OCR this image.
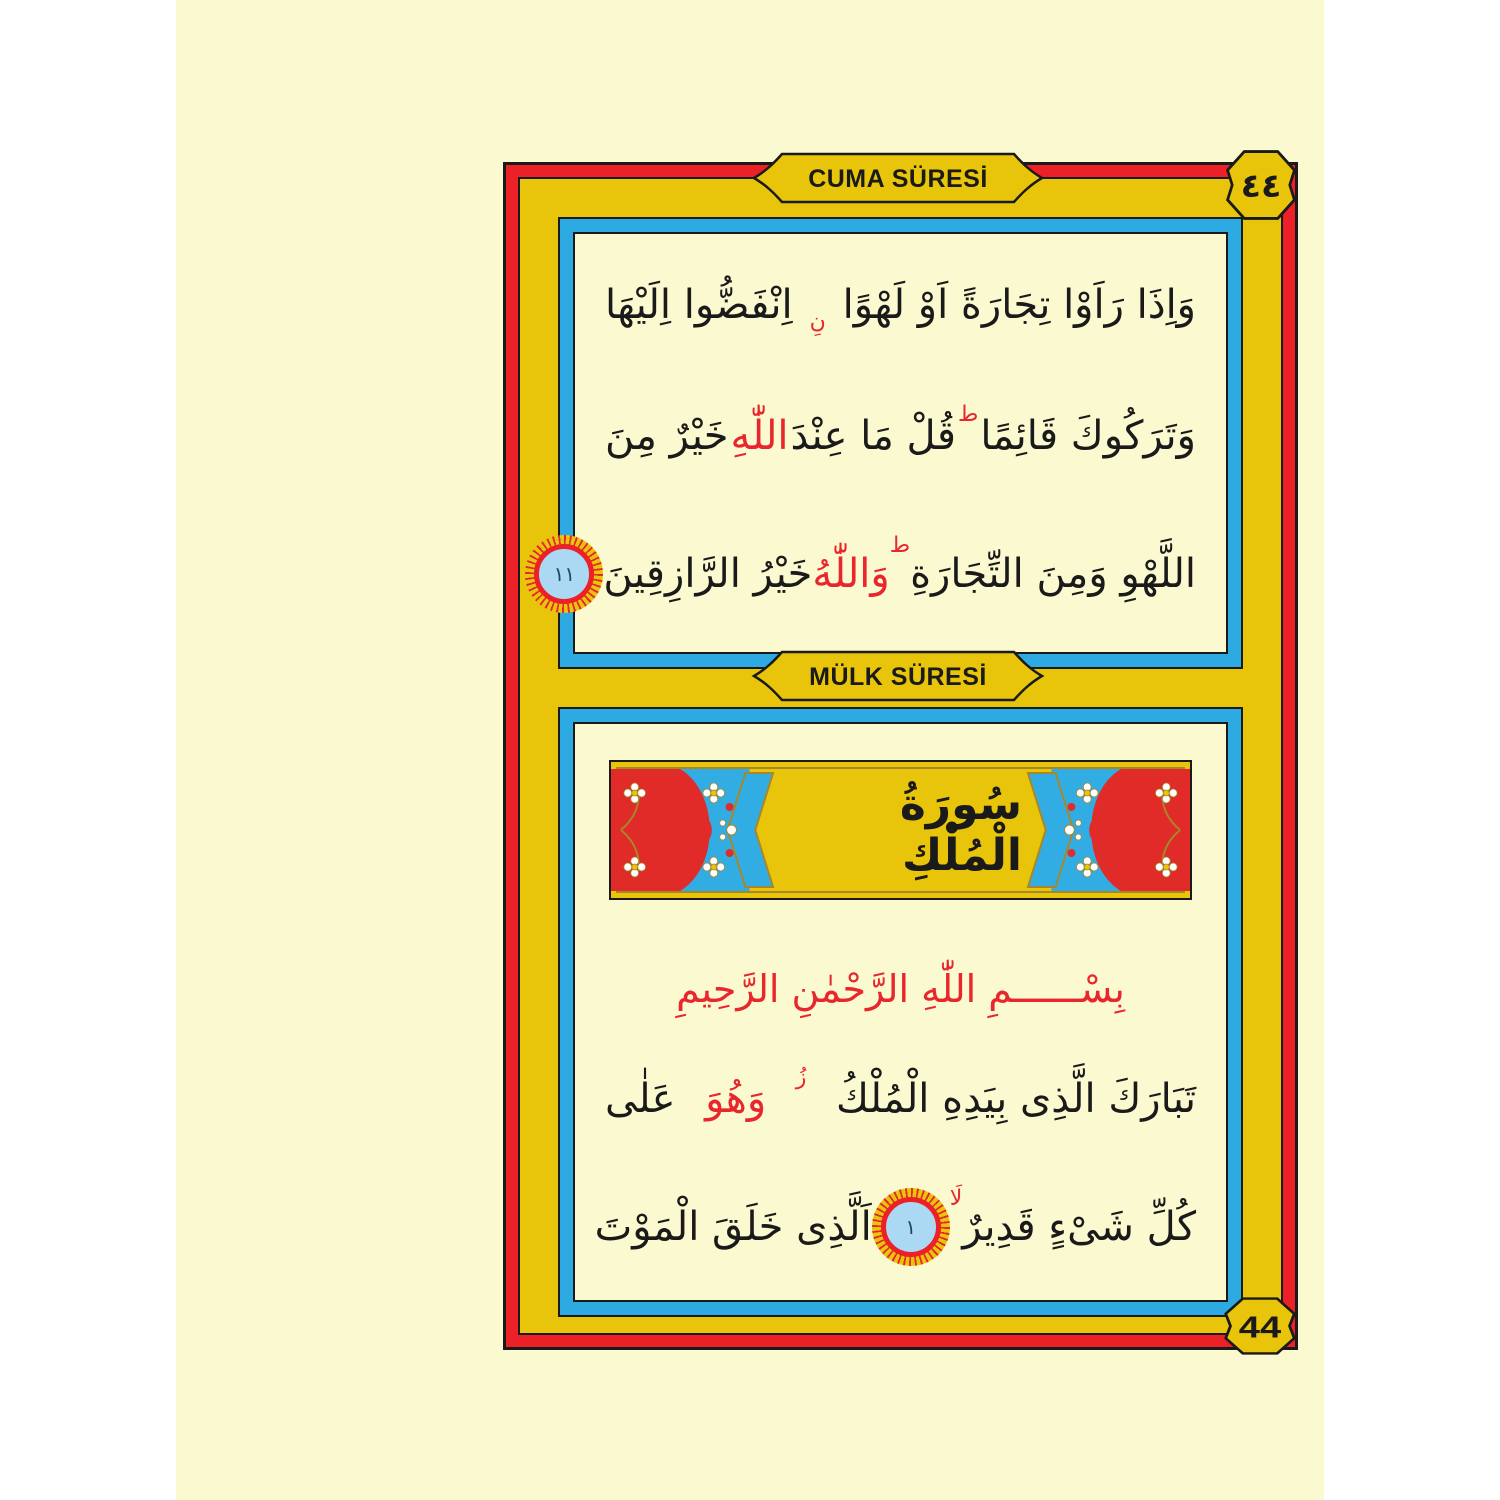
وَاِذَا رَاَوْا تِجَارَةً اَوْ لَهْوًا
نِ
اِنْفَضُّوا اِلَيْهَا
وَتَرَكُوكَ قَائِمًا
ط
قُلْ مَا عِنْدَ
اللّٰهِ
خَيْرٌ مِنَ
اللَّهْوِ وَمِنَ التِّجَارَةِ
ط
وَاللّٰهُ
خَيْرُ الرَّازِقِينَ
١١
سُورَةُ الْمُلْكِ
بِسْــــــمِ اللّٰهِ الرَّحْمٰنِ الرَّحِيمِ
تَبَارَكَ الَّذِى بِيَدِهِ الْمُلْكُ
زُ
وَهُوَ
عَلٰى
كُلِّ شَىْءٍ قَدِيرٌ
لَا
١
اَلَّذِى خَلَقَ الْمَوْتَ
CUMA SÜRESİ
MÜLK SÜRESİ
٤٤
44
